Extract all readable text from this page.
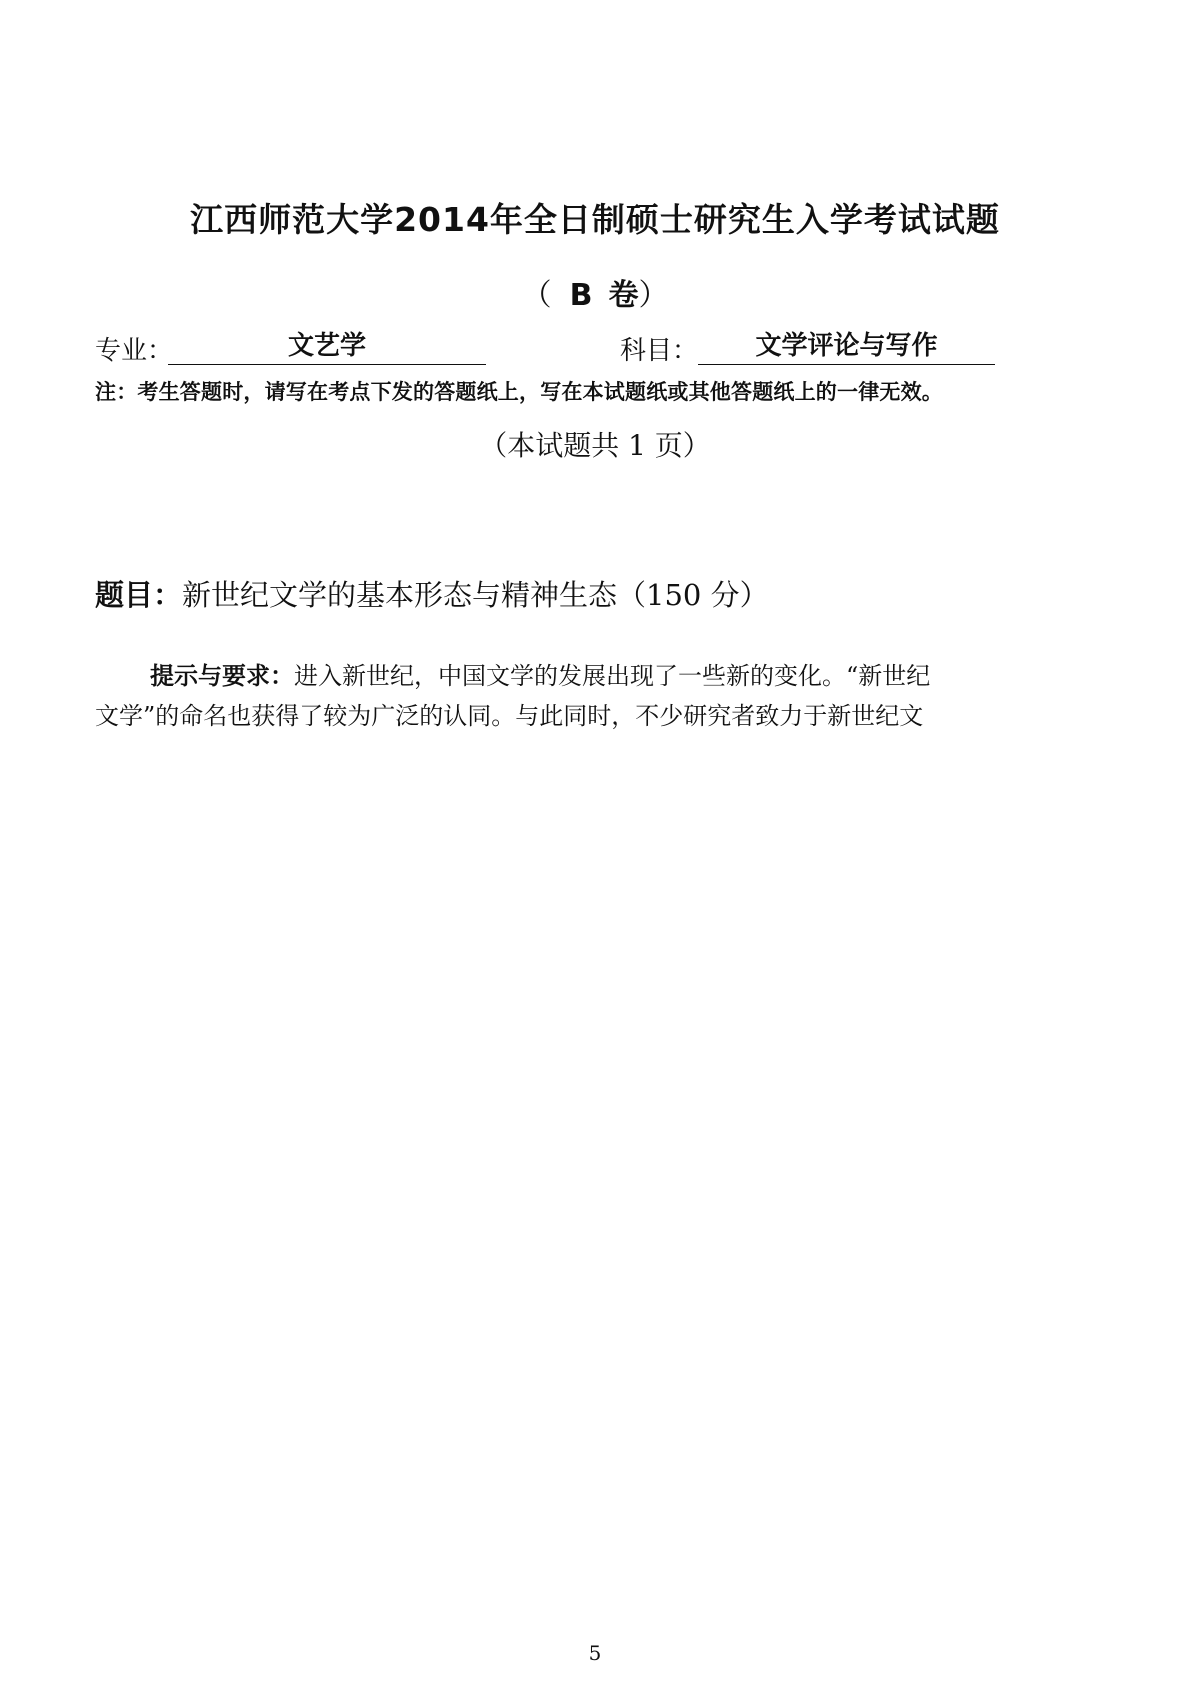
江西师范大学2014年全日制硕士研究生入学考试试题
（ B 卷）
专业：	文艺学	科目：	文学评论与写作
注：考生答题时，请写在考点下发的答题纸上，写在本试题纸或其他答题纸上的一律无效。
（本试题共 1 页）
题目：新世纪文学的基本形态与精神生态（150 分）
提示与要求：进入新世纪，中国文学的发展出现了一些新的变化。“新世纪
文学”的命名也获得了较为广泛的认同。与此同时，不少研究者致力于新世纪文
5
